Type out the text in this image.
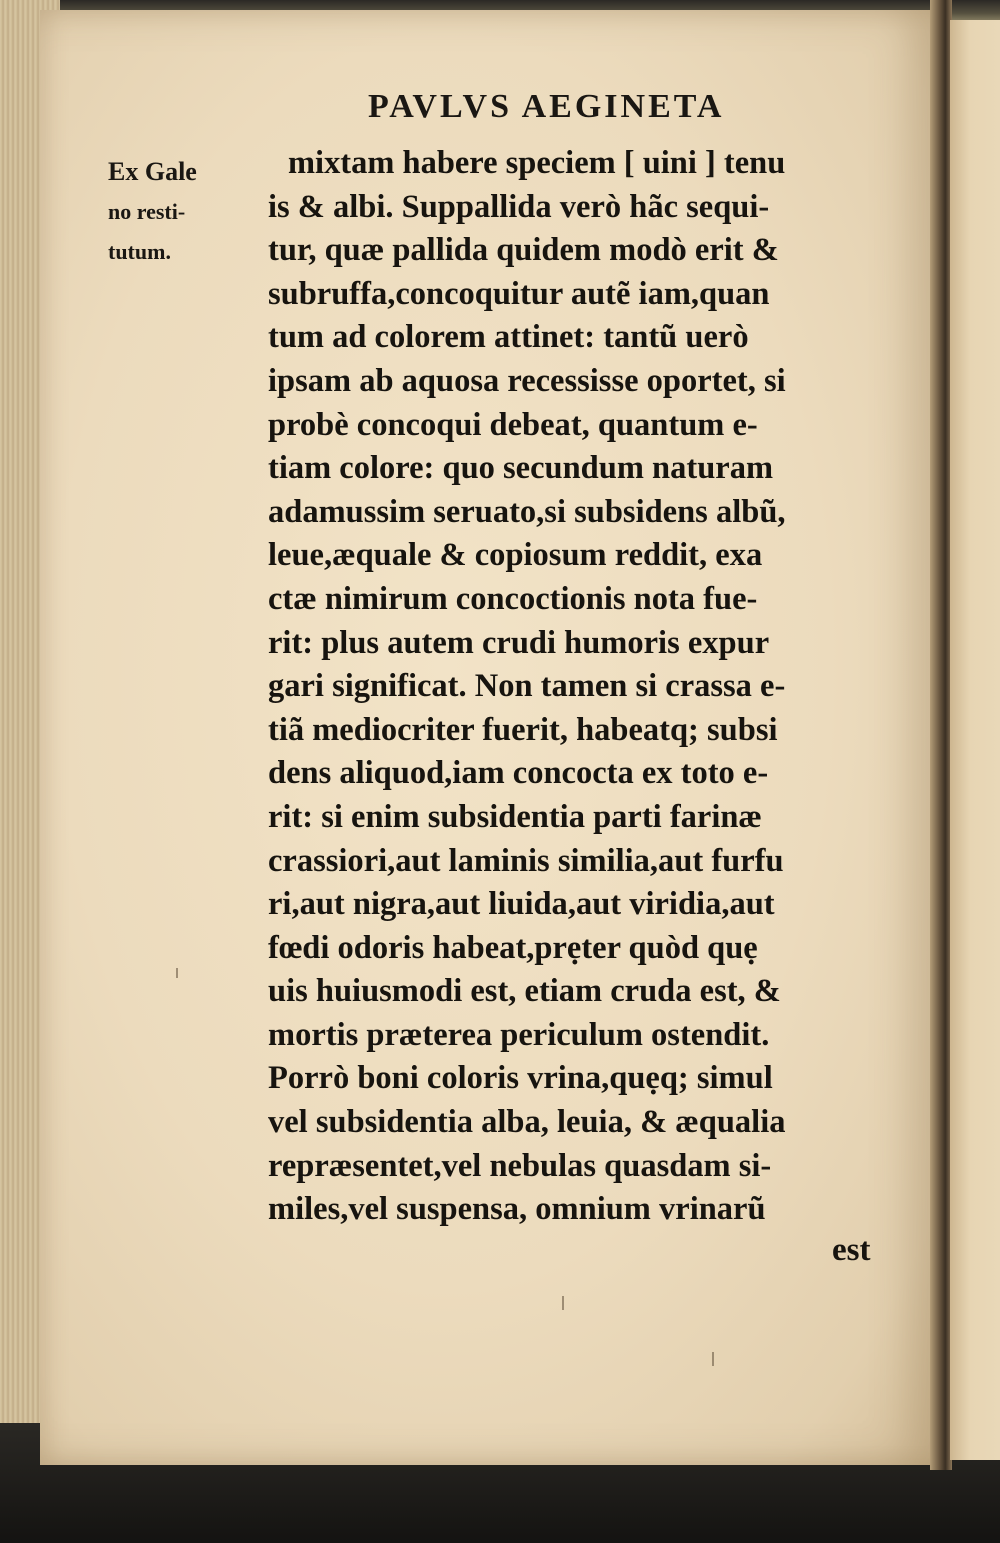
PAVLVS AEGINETA
Ex Gale
no resti-
tutum.
mixtam habere speciem [ uini ] tenu
is & albi. Suppallida verò hãc sequi-
tur, quæ pallida quidem modò erit &
subruffa,concoquitur autẽ iam,quan
tum ad colorem attinet: tantũ uerò
ipsam ab aquosa recessisse oportet, si
probè concoqui debeat, quantum e-
tiam colore: quo secundum naturam
adamussim seruato,si subsidens albũ,
leue,æquale & copiosum reddit, exa
ctæ nimirum concoctionis nota fue-
rit: plus autem crudi humoris expur
gari significat. Non tamen si crassa e-
tiã mediocriter fuerit, habeatq; subsi
dens aliquod,iam concocta ex toto e-
rit: si enim subsidentia parti farinæ
crassiori,aut laminis similia,aut furfu
ri,aut nigra,aut liuida,aut viridia,aut
fœdi odoris habeat,prẹter quòd quẹ
uis huiusmodi est, etiam cruda est, &
mortis præterea periculum ostendit.
Porrò boni coloris vrina,quẹq; simul
vel subsidentia alba, leuia, & æqualia
repræsentet,vel nebulas quasdam si-
miles,vel suspensa, omnium vrinarũ
est
